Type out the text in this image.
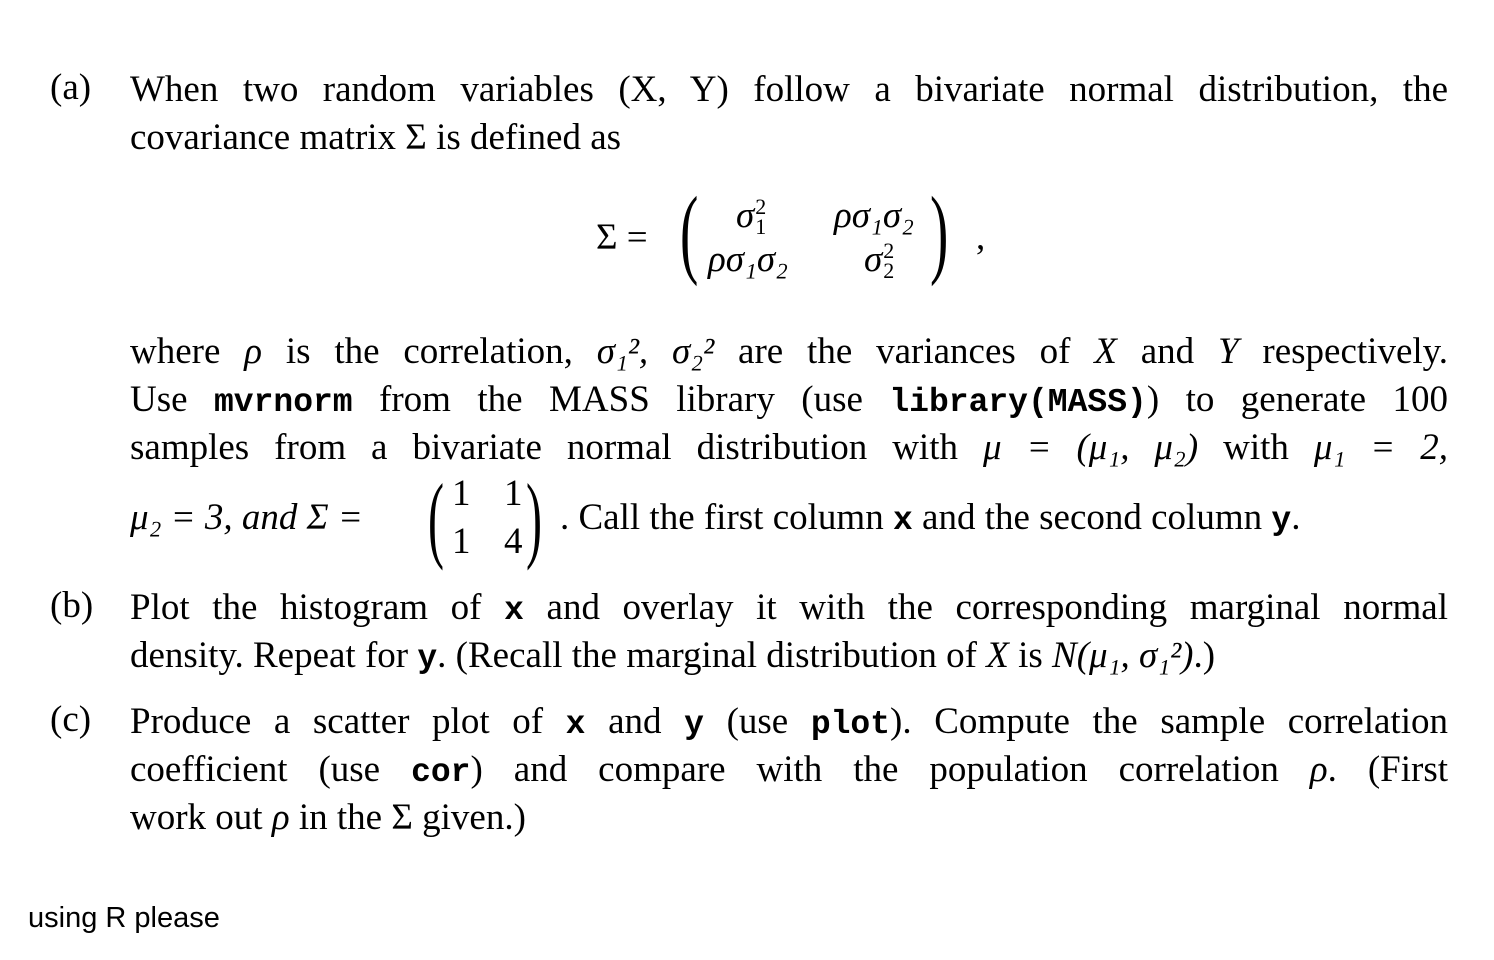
(a) When two random variables (X, Y) follow a bivariate normal distribution, the
covariance matrix Σ is defined as
Σ = ( σ 2
1 ρσ₁σ₂
ρσ₁σ₂ σ 2
2 ) ,
where ρ is the correlation, σ₁², σ₂² are the variances of X and Y respectively.
Use mvrnorm from the MASS library (use library(MASS)) to generate 100
samples from a bivariate normal distribution with μ = (μ₁, μ₂) with μ₁ = 2,
μ₂ = 3, and Σ = ( 1 1
1 4 ) . Call the first column x and the second column y.
(b) Plot the histogram of x and overlay it with the corresponding marginal normal
density. Repeat for y. (Recall the marginal distribution of X is N(μ₁, σ₁²).)
(c) Produce a scatter plot of x and y (use plot). Compute the sample correlation
coefficient (use cor) and compare with the population correlation ρ. (First
work out ρ in the Σ given.)
using R please
